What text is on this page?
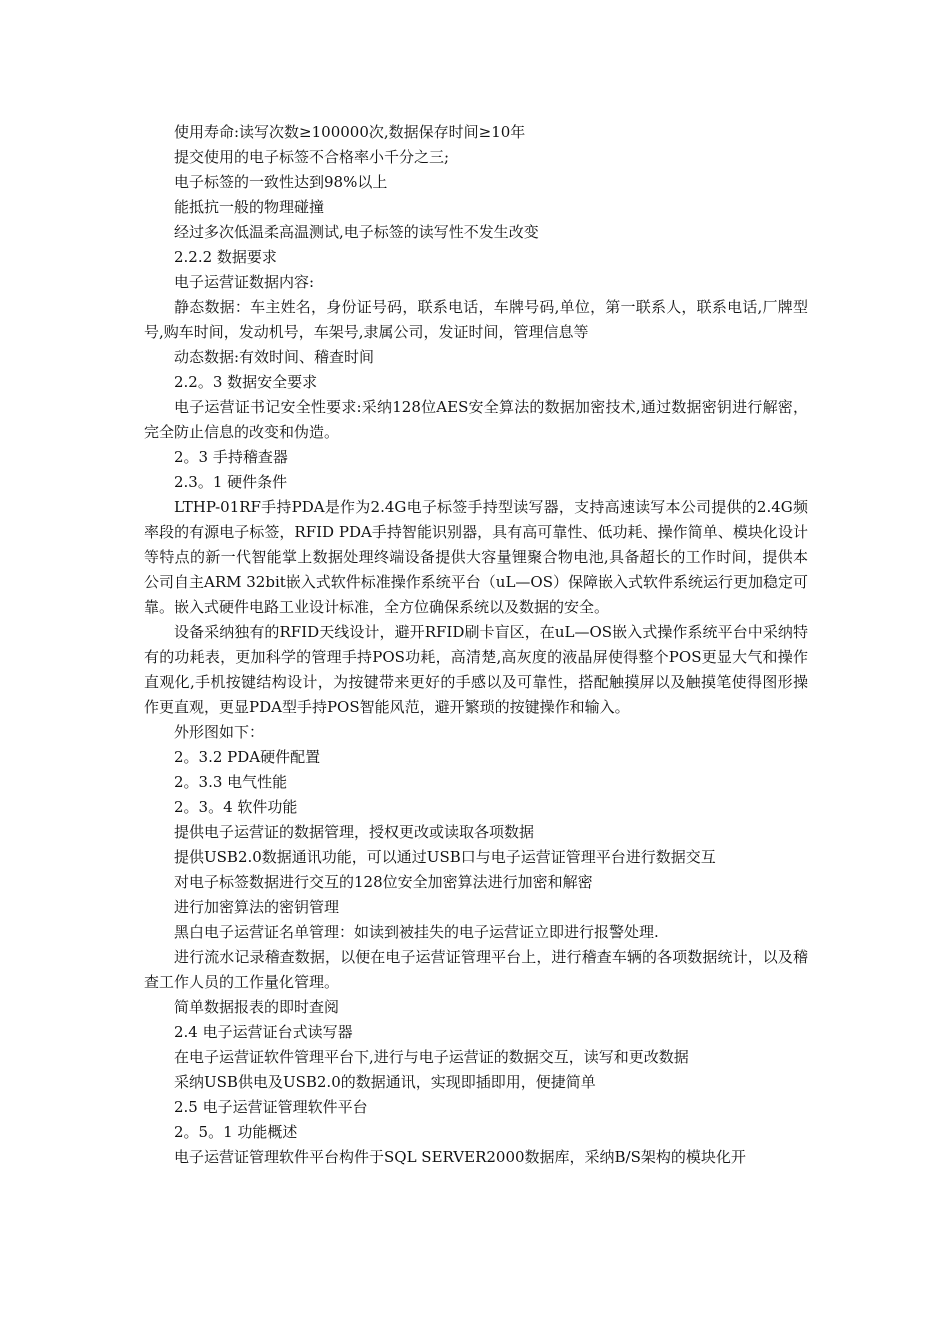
使用寿命:读写次数≥100000次,数据保存时间≥10年

提交使用的电子标签不合格率小千分之三;

电子标签的一致性达到98%以上

能抵抗一般的物理碰撞

经过多次低温柔高温测试,电子标签的读写性不发生改变

2.2.2 数据要求

电子运营证数据内容:

静态数据：车主姓名，身份证号码，联系电话，车牌号码,单位，第一联系人，联系电话,厂牌型号,购车时间，发动机号，车架号,隶属公司，发证时间，管理信息等

动态数据:有效时间、稽查时间

2.2。3 数据安全要求

电子运营证书记安全性要求:采纳128位AES安全算法的数据加密技术,通过数据密钥进行解密，完全防止信息的改变和伪造。

2。3 手持稽查器

2.3。1 硬件条件

LTHP-01RF手持PDA是作为2.4G电子标签手持型读写器，支持高速读写本公司提供的2.4G频率段的有源电子标签，RFID PDA手持智能识别器，具有高可靠性、低功耗、操作简单、模块化设计等特点的新一代智能掌上数据处理终端设备提供大容量锂聚合物电池,具备超长的工作时间，提供本公司自主ARM 32bit嵌入式软件标准操作系统平台（uL—OS）保障嵌入式软件系统运行更加稳定可靠。嵌入式硬件电路工业设计标准，全方位确保系统以及数据的安全。

设备采纳独有的RFID天线设计，避开RFID刷卡盲区，在uL—OS嵌入式操作系统平台中采纳特有的功耗表，更加科学的管理手持POS功耗，高清楚,高灰度的液晶屏使得整个POS更显大气和操作直观化,手机按键结构设计，为按键带来更好的手感以及可靠性，搭配触摸屏以及触摸笔使得图形操作更直观，更显PDA型手持POS智能风范，避开繁琐的按键操作和输入。

外形图如下：

2。3.2 PDA硬件配置

2。3.3 电气性能

2。3。4 软件功能

提供电子运营证的数据管理，授权更改或读取各项数据

提供USB2.0数据通讯功能，可以通过USB口与电子运营证管理平台进行数据交互

对电子标签数据进行交互的128位安全加密算法进行加密和解密

进行加密算法的密钥管理

黑白电子运营证名单管理：如读到被挂失的电子运营证立即进行报警处理.

进行流水记录稽查数据，以便在电子运营证管理平台上，进行稽查车辆的各项数据统计，以及稽查工作人员的工作量化管理。

简单数据报表的即时查阅

2.4 电子运营证台式读写器

在电子运营证软件管理平台下,进行与电子运营证的数据交互，读写和更改数据

采纳USB供电及USB2.0的数据通讯，实现即插即用，便捷简单

2.5 电子运营证管理软件平台

2。5。1 功能概述

电子运营证管理软件平台构件于SQL SERVER2000数据库，采纳B/S架构的模块化开
